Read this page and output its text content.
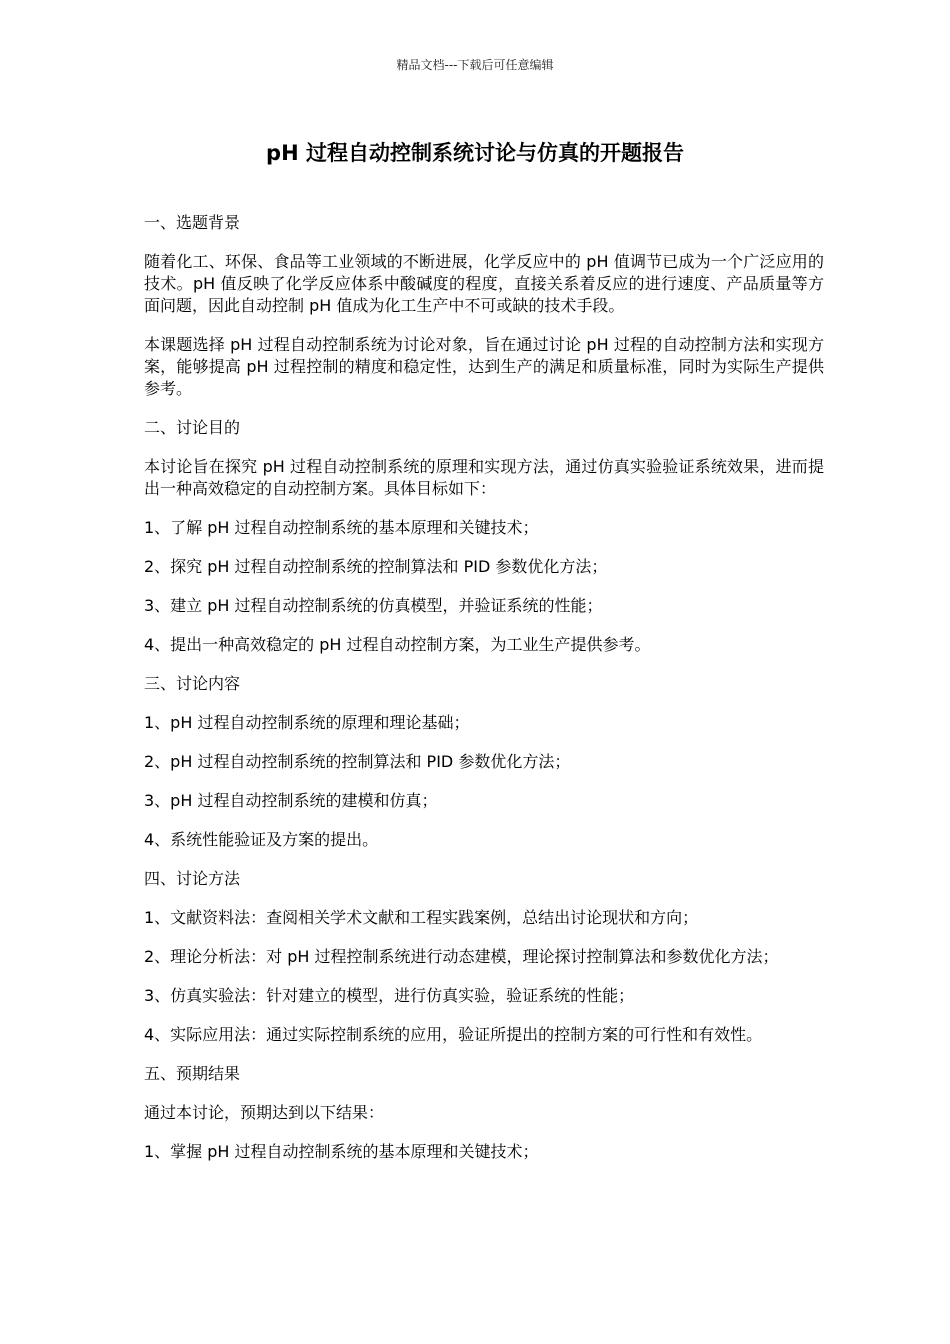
精品文档---下载后可任意编辑
pH 过程自动控制系统讨论与仿真的开题报告

一、选题背景

随着化工、环保、食品等工业领域的不断进展，化学反应中的 pH 值调节已成为一个广泛应用的技术。pH 值反映了化学反应体系中酸碱度的程度，直接关系着反应的进行速度、产品质量等方面问题，因此自动控制 pH 值成为化工生产中不可或缺的技术手段。

本课题选择 pH 过程自动控制系统为讨论对象，旨在通过讨论 pH 过程的自动控制方法和实现方案，能够提高 pH 过程控制的精度和稳定性，达到生产的满足和质量标准，同时为实际生产提供参考。

二、讨论目的

本讨论旨在探究 pH 过程自动控制系统的原理和实现方法，通过仿真实验验证系统效果，进而提出一种高效稳定的自动控制方案。具体目标如下：

1、了解 pH 过程自动控制系统的基本原理和关键技术；

2、探究 pH 过程自动控制系统的控制算法和 PID 参数优化方法；

3、建立 pH 过程自动控制系统的仿真模型，并验证系统的性能；

4、提出一种高效稳定的 pH 过程自动控制方案，为工业生产提供参考。

三、讨论内容

1、pH 过程自动控制系统的原理和理论基础；

2、pH 过程自动控制系统的控制算法和 PID 参数优化方法；

3、pH 过程自动控制系统的建模和仿真；

4、系统性能验证及方案的提出。

四、讨论方法

1、文献资料法：查阅相关学术文献和工程实践案例，总结出讨论现状和方向；

2、理论分析法：对 pH 过程控制系统进行动态建模，理论探讨控制算法和参数优化方法；

3、仿真实验法：针对建立的模型，进行仿真实验，验证系统的性能；

4、实际应用法：通过实际控制系统的应用，验证所提出的控制方案的可行性和有效性。

五、预期结果

通过本讨论，预期达到以下结果：

1、掌握 pH 过程自动控制系统的基本原理和关键技术；
